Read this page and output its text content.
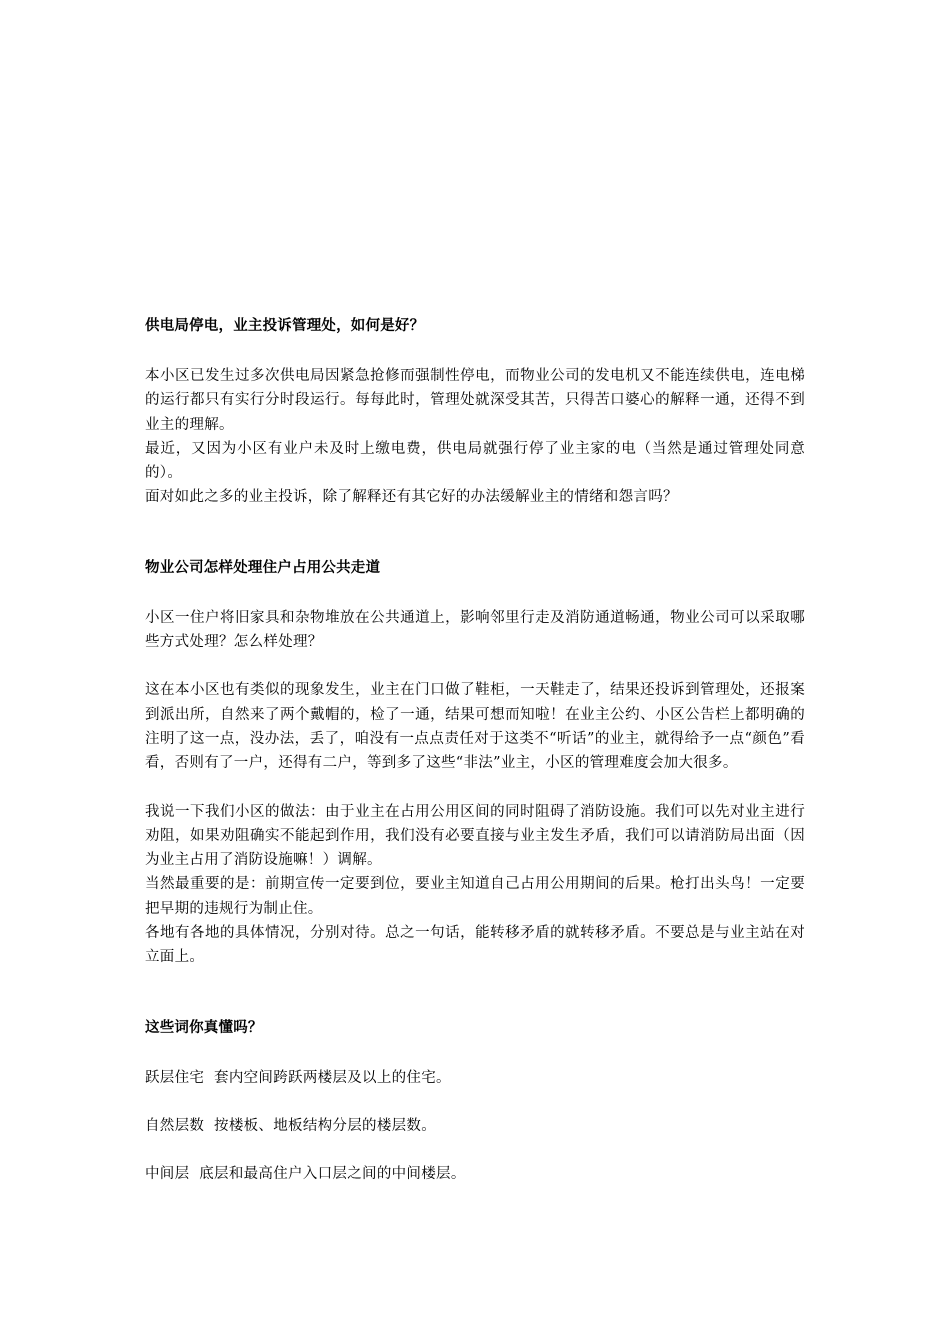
供电局停电，业主投诉管理处，如何是好？

本小区已发生过多次供电局因紧急抢修而强制性停电，而物业公司的发电机又不能连续供电，连电梯的运行都只有实行分时段运行。每每此时，管理处就深受其苦，只得苦口婆心的解释一通，还得不到业主的理解。

最近，又因为小区有业户未及时上缴电费，供电局就强行停了业主家的电（当然是通过管理处同意的）。

面对如此之多的业主投诉，除了解释还有其它好的办法缓解业主的情绪和怨言吗？

物业公司怎样处理住户占用公共走道

小区一住户将旧家具和杂物堆放在公共通道上，影响邻里行走及消防通道畅通，物业公司可以采取哪些方式处理？怎么样处理？

这在本小区也有类似的现象发生，业主在门口做了鞋柜，一天鞋走了，结果还投诉到管理处，还报案到派出所，自然来了两个戴帽的，检了一通，结果可想而知啦！在业主公约、小区公告栏上都明确的注明了这一点，没办法，丢了，咱没有一点点责任对于这类不“听话”的业主，就得给予一点“颜色”看看，否则有了一户，还得有二户，等到多了这些“非法”业主，小区的管理难度会加大很多。

我说一下我们小区的做法：由于业主在占用公用区间的同时阻碍了消防设施。我们可以先对业主进行劝阻，如果劝阻确实不能起到作用，我们没有必要直接与业主发生矛盾，我们可以请消防局出面（因为业主占用了消防设施嘛！）调解。

当然最重要的是：前期宣传一定要到位，要业主知道自己占用公用期间的后果。枪打出头鸟！一定要把早期的违规行为制止住。

各地有各地的具体情况，分别对待。总之一句话，能转移矛盾的就转移矛盾。不要总是与业主站在对立面上。

这些词你真懂吗？

跃层住宅  套内空间跨跃两楼层及以上的住宅。

自然层数  按楼板、地板结构分层的楼层数。

中间层  底层和最高住户入口层之间的中间楼层。
